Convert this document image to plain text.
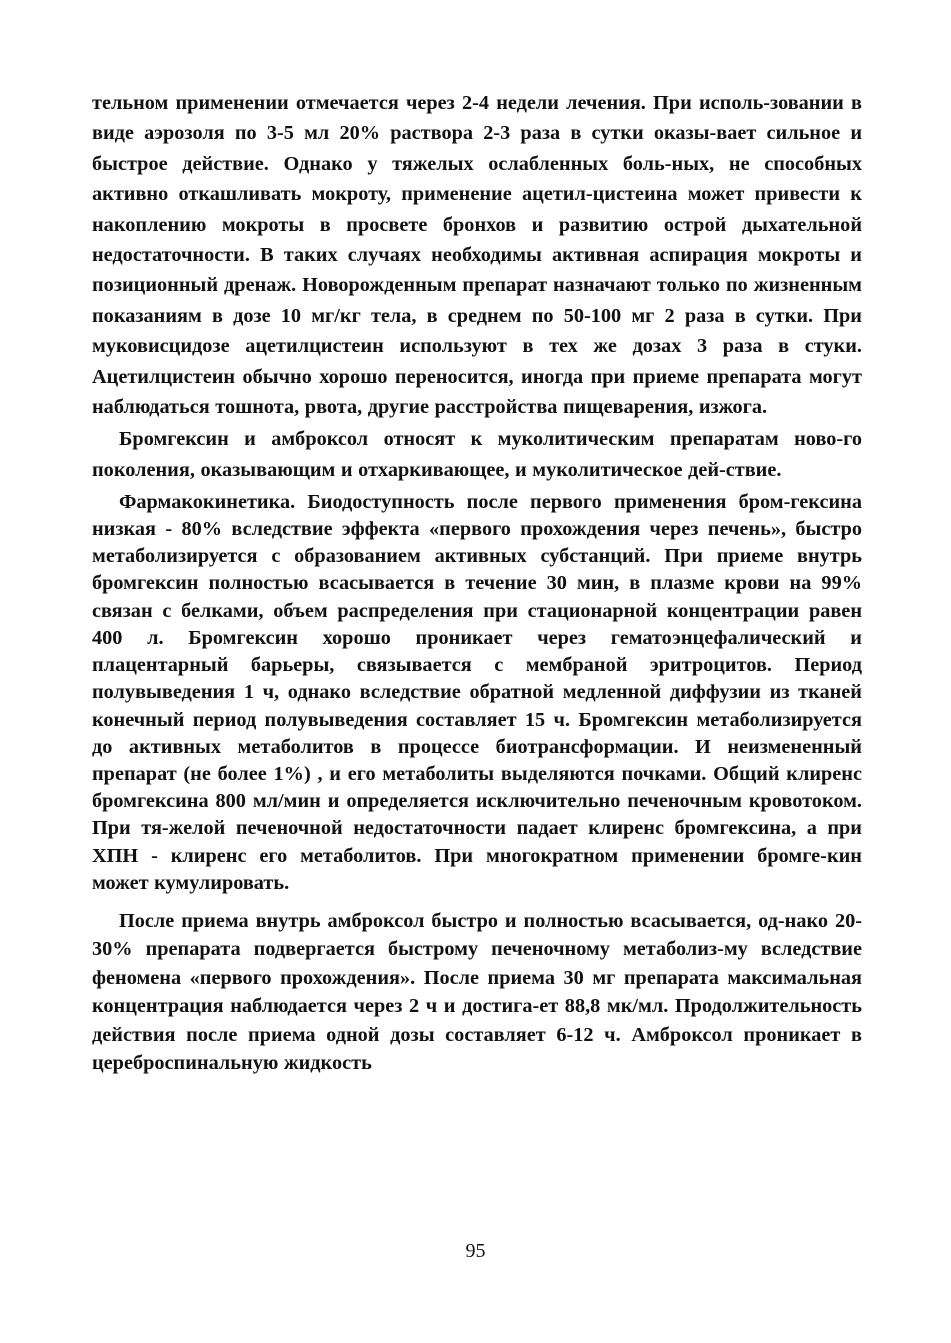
тельном применении отмечается через 2-4 недели лечения. При исполь-зовании в виде аэрозоля по 3-5 мл 20% раствора 2-3 раза в сутки оказы-вает сильное и быстрое действие. Однако у тяжелых ослабленных боль-ных, не способных активно откашливать мокроту, применение ацетил-цистеина может привести к накоплению мокроты в просвете бронхов и развитию острой дыхательной недостаточности. В таких случаях необходимы активная аспирация мокроты и позиционный дренаж. Новорожденным препарат назначают только по жизненным показаниям в дозе 10 мг/кг тела, в среднем по 50-100 мг 2 раза в сутки. При муковисцидозе ацетилцистеин используют в тех же дозах 3 раза в стуки. Ацетилцистеин обычно хорошо переносится, иногда при приеме препарата могут наблюдаться тошнота, рвота, другие расстройства пищеварения, изжога.

Бромгексин и амброксол относят к муколитическим препаратам ново-го поколения, оказывающим и отхаркивающее, и муколитическое дей-ствие.

Фармакокинетика. Биодоступность после первого применения бром-гексина низкая - 80% вследствие эффекта «первого прохождения через печень», быстро метаболизируется с образованием активных субстанций. При приеме внутрь бромгексин полностью всасывается в течение 30 мин, в плазме крови на 99% связан с белками, объем распределения при стационарной концентрации равен 400 л. Бромгексин хорошо проникает через гематоэнцефалический и плацентарный барьеры, связывается с мембраной эритроцитов. Период полувыведения 1 ч, однако вследствие обратной медленной диффузии из тканей конечный период полувыведения составляет 15 ч. Бромгексин метаболизируется до активных метаболитов в процессе биотрансформации. И неизмененный препарат (не более 1%) , и его метаболиты выделяются почками. Общий клиренс бромгексина 800 мл/мин и определяется исключительно печеночным кровотоком. При тя-желой печеночной недостаточности падает клиренс бромгексина, а при ХПН - клиренс его метаболитов. При многократном применении бромге-кин может кумулировать.

После приема внутрь амброксол быстро и полностью всасывается, од-нако 20-30% препарата подвергается быстрому печеночному метаболиз-му вследствие феномена «первого прохождения». После приема 30 мг препарата максимальная концентрация наблюдается через 2 ч и достига-ет 88,8 мк/мл. Продолжительность действия после приема одной дозы составляет 6-12 ч. Амброксол проникает в цереброспинальную жидкость

95
